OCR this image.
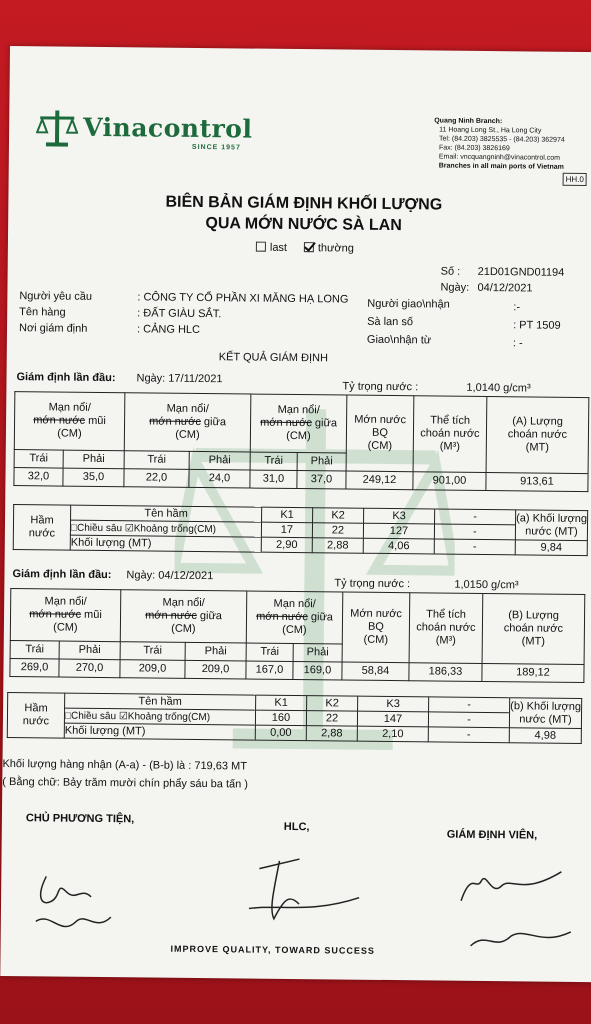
Vinacontrol
SINCE 1957
Quang Ninh Branch:
11 Hoang Long St., Ha Long City
Tel: (84.203) 3825535 - (84.203) 362974
Fax: (84.203) 3826169
Email: vncquangninh@vinacontrol.com
Branches in all main ports of Vietnam
HH.0
BIÊN BẢN GIÁM ĐỊNH KHỐI LƯỢNG
QUA MỚN NƯỚC SÀ LAN
last	thường
Số : 21D01GND01194
Ngày: 04/12/2021
Người yêu cầu	: CÔNG TY CỔ PHẦN XI MĂNG HẠ LONG
Tên hàng	: ĐẤT GIÀU SẮT.
Nơi giám định	: CẢNG HLC
Người giao\nhận	:-
Sà lan số	: PT 1509
Giao\nhận từ	: -
KẾT QUẢ GIÁM ĐỊNH
Giám định lần đầu: Ngày: 17/11/2021
Tỷ trọng nước :	1,0140 g/cm³
Mạn nổi/
mớn nước mũi
(CM)		Mạn nổi/
mớn nước giữa
(CM)		Mạn nổi/
mớn nước giữa
(CM)		Mớn nước
BQ
(CM)	Thể tích
choán nước
(M³)	(A) Lượng
choán nước
(MT)
Trái	Phải	Trái	Phải	Trái	Phải			
32,0	35,0	22,0	24,0	31,0	37,0	249,12	901,00	913,61
Hầm
nước	Tên hầm	K1	K2	K3	-	(a) Khối lượng
nước (MT)
	□Chiều sâu ☑Khoảng trống(CM)	17	22	127	-	
	Khối lượng (MT)	2,90	2,88	4,06	-	9,84
Giám định lần đầu: Ngày: 04/12/2021
Tỷ trọng nước :	1,0150 g/cm³
Mạn nổi/
mớn nước mũi
(CM)		Mạn nổi/
mớn nước giữa
(CM)		Mạn nổi/
mớn nước giữa
(CM)		Mớn nước
BQ
(CM)	Thể tích
choán nước
(M³)	(B) Lượng
choán nước
(MT)
Trái	Phải	Trái	Phải	Trái	Phải			
269,0	270,0	209,0	209,0	167,0	169,0	58,84	186,33	189,12
Hầm
nước	Tên hầm	K1	K2	K3	-	(b) Khối lượng
nước (MT)
	□Chiều sâu ☑Khoảng trống(CM)	160	22	147	-	
	Khối lượng (MT)	0,00	2,88	2,10	-	4,98
Khối lượng hàng nhận (A-a) - (B-b) là : 719,63 MT
( Bằng chữ: Bảy trăm mười chín phẩy sáu ba tấn )
CHỦ PHƯƠNG TIỆN,
HLC,
GIÁM ĐỊNH VIÊN,
IMPROVE QUALITY, TOWARD SUCCESS
